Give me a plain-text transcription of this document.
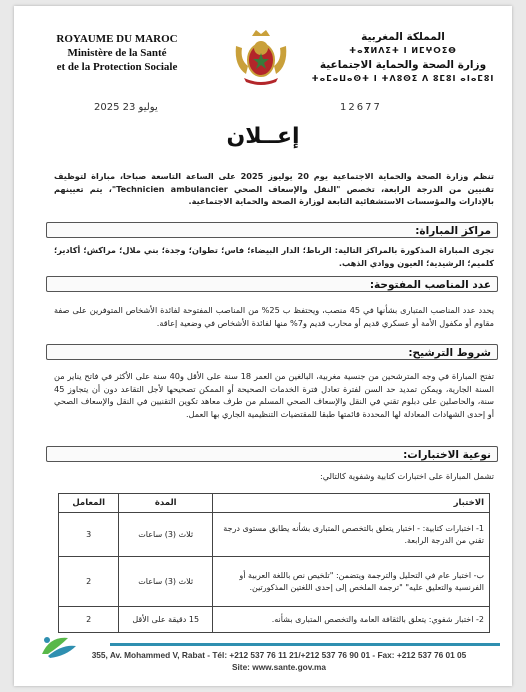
ROYAUME DU MAROC
Ministère de la Santé
et de la Protection Sociale
المملكة المغربية
ⵜⴰⴳⵍⴷⵉⵜ ⵏ ⵍⵎⵖⵔⵉⴱ
وزارة الصحة والحماية الاجتماعية
ⵜⴰⵎⴰⵡⴰⵙⵜ ⵏ ⵜⴷⵓⵙⵉ ⴷ ⵓⵎⵓⵏ ⴰⵏⴰⵎⵓⵏ
2025 يوليو 23	12677
إعــلان
تنظم وزارة الصحة والحماية الاجتماعية يوم 20 يوليوز 2025 على الساعة التاسعة صباحا، مباراة لتوظيف تقنيين من الدرجة الرابعة، تخصص "النقل والإسعاف الصحي Technicien ambulancier"، يتم تعيينهم بالإدارات والمؤسسات الاستشفائية التابعة لوزارة الصحة والحماية الاجتماعية.
مراكز المباراة:
تجرى المباراة المذكورة بالمراكز التالية: الرباط؛ الدار البيضاء؛ فاس؛ تطوان؛ وجدة؛ بني ملال؛ مراكش؛ أكادير؛ كلميم؛ الرشيدية؛ العيون ووادي الذهب.
عدد المناصب المفتوحة:
يحدد عدد المناصب المتبارى بشأنها في 45 منصب، ويحتفظ ب 25% من المناصب المفتوحة لفائدة الأشخاص المتوفرين على صفة مقاوم أو مكفول الأمة أو عسكري قديم أو محارب قديم و7% منها لفائدة الأشخاص في وضعية إعاقة.
شروط الترشيح:
تفتح المباراة في وجه المترشحين من جنسية مغربية، البالغين من العمر 18 سنة على الأقل و40 سنة على الأكثر في فاتح يناير من السنة الجارية، ويمكن تمديد حد السن لفترة تعادل فترة الخدمات الصحيحة أو الممكن تصحيحها لأجل التقاعد دون أن يتجاوز 45 سنة، والحاصلين على دبلوم تقني في النقل والإسعاف الصحي المسلم من طرف معاهد تكوين التقنيين في النقل والإسعاف الصحي أو إحدى الشهادات المعادلة لها المحددة قائمتها طبقا للمقتضيات التنظيمية الجاري بها العمل.
نوعية الاختبارات:
تشمل المباراة على اختبارات كتابية وشفوية كالتالي:
الاختبار	المدة	المعامل
1- اختبارات كتابية: - اختبار يتعلق بالتخصص المتبارى بشأنه يطابق مستوى درجة تقني من الدرجة الرابعة.	ثلاث (3) ساعات	3
ب- اختبار عام في التحليل والترجمة ويتضمن: "تلخيص نص باللغة العربية أو الفرنسية والتعليق عليه" "ترجمة الملخص إلى إحدى اللغتين المذكورتين.	ثلاث (3) ساعات	2
2- اختبار شفوي: يتعلق بالثقافة العامة والتخصص المتبارى بشأنه.	15 دقيقة على الأقل	2
355, Av. Mohammed V, Rabat - Tél: +212 537 76 11 21/+212 537 76 90 01 - Fax: +212 537 76 01 05
Site: www.sante.gov.ma
